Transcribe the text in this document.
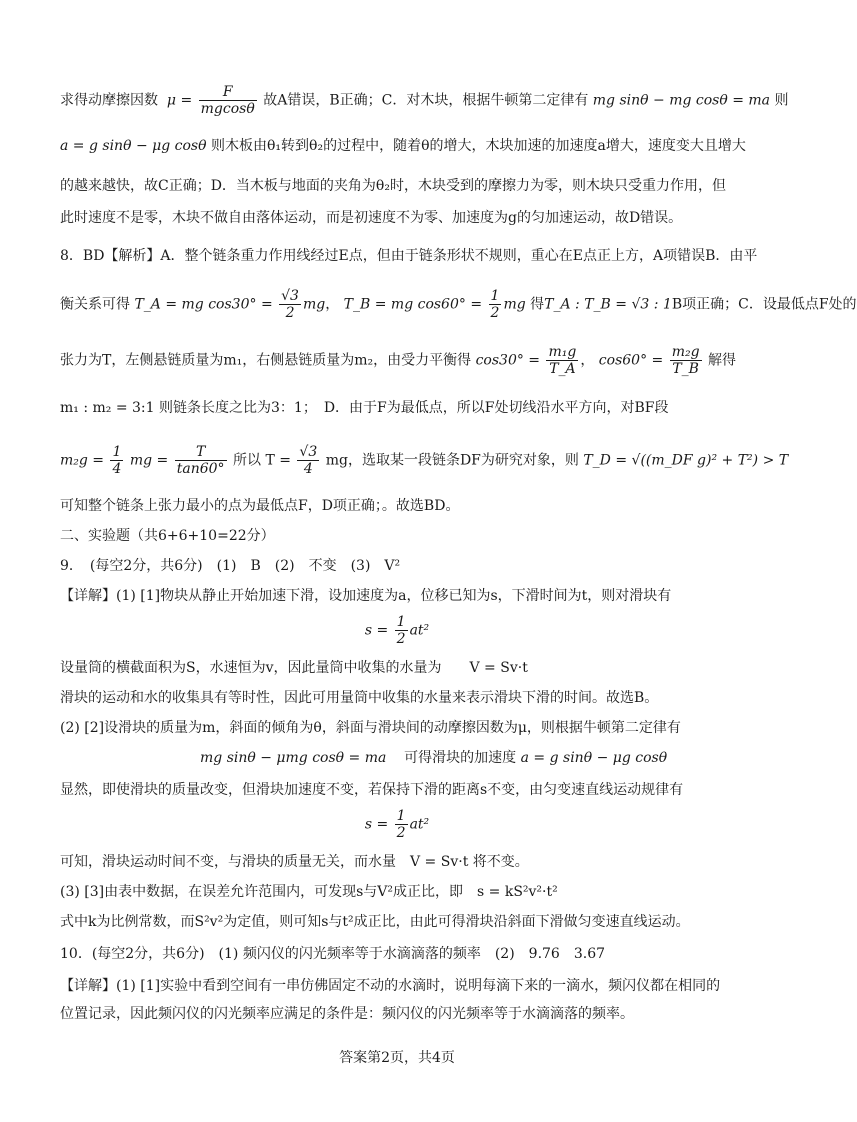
求得动摩擦因数 $\mu = \frac{F}{mgcos\theta}$ 故A错误，B正确；C．对木块，根据牛顿第二定律有 mg sinθ − mg cosθ = ma 则
a = g sinθ − μg cosθ 则木板由θ₁转到θ₂的过程中，随着θ的增大，木块加速的加速度a增大，速度变大且增大
的越来越快，故C正确；D．当木板与地面的夹角为θ₂时，木块受到的摩擦力为零，则木块只受重力作用，但
此时速度不是零，木块不做自由落体运动，而是初速度不为零、加速度为g的匀加速运动，故D错误。
8．BD【解析】A．整个链条重力作用线经过E点，但由于链条形状不规则，重心在E点正上方，A项错误B．由平
衡关系可得 T_A = mg $\cos 30^\circ = \frac{√3}{2}$ mg， T_B = mg $\cos 60^\circ = \frac{1}{2}$ mg 得T_A : T_B = √3 : 1B项正确；C．设最低点F处的
张力为T，左侧悬链质量为m₁，右侧悬链质量为m₂，由受力平衡得 $\cos 30^\circ = \frac{\text{m₁g}}{T\_A}$ ， $\cos 60^\circ = \frac{\text{m₂g}}{T\_B}$ 解得
m₁ : m₂ = 3:1 则链条长度之比为3：1；　D．由于F为最低点，所以F处切线沿水平方向，对BF段
$m_2g = \frac{1}{4}$ mg = $\frac{T}{\tan 60^\circ}$ 所以 $T = \frac{√3}{4}$ mg，选取某一段链条DF为研究对象，则 T_D = √((m_DF g)² + T²) > T
可知整个链条上张力最小的点为最低点F，D项正确；。故选BD。
二、实验题（共6+6+10=22分）
9．　(每空2分，共6分)　(1)　B　(2)　不变　(3)　V²
【详解】(1) [1]物块从静止开始加速下滑，设加速度为a，位移已知为s，下滑时间为t，则对滑块有
$s = \frac{1}{2} at^2$
设量筒的横截面积为S，水速恒为v，因此量筒中收集的水量为　　V = Sv·t
滑块的运动和水的收集具有等时性，因此可用量筒中收集的水量来表示滑块下滑的时间。故选B。
(2) [2]设滑块的质量为m，斜面的倾角为θ，斜面与滑块间的动摩擦因数为μ，则根据牛顿第二定律有
mg sinθ − μmg cosθ = ma 可得滑块的加速度 a = g sinθ − μg cosθ
显然，即使滑块的质量改变，但滑块加速度不变，若保持下滑的距离s不变，由匀变速直线运动规律有
$s = \frac{1}{2} at^2$
可知，滑块运动时间不变，与滑块的质量无关，而水量　V = Sv·t 将不变。
(3) [3]由表中数据，在误差允许范围内，可发现s与V²成正比，即　s = kS²v²·t²
式中k为比例常数，而S²v²为定值，则可知s与t²成正比，由此可得滑块沿斜面下滑做匀变速直线运动。
10．(每空2分，共6分)　(1) 频闪仪的闪光频率等于水滴滴落的频率　(2)　9.76　3.67
【详解】(1) [1]实验中看到空间有一串仿佛固定不动的水滴时，说明每滴下来的一滴水，频闪仪都在相同的
位置记录，因此频闪仪的闪光频率应满足的条件是：频闪仪的闪光频率等于水滴滴落的频率。
答案第2页，共4页
